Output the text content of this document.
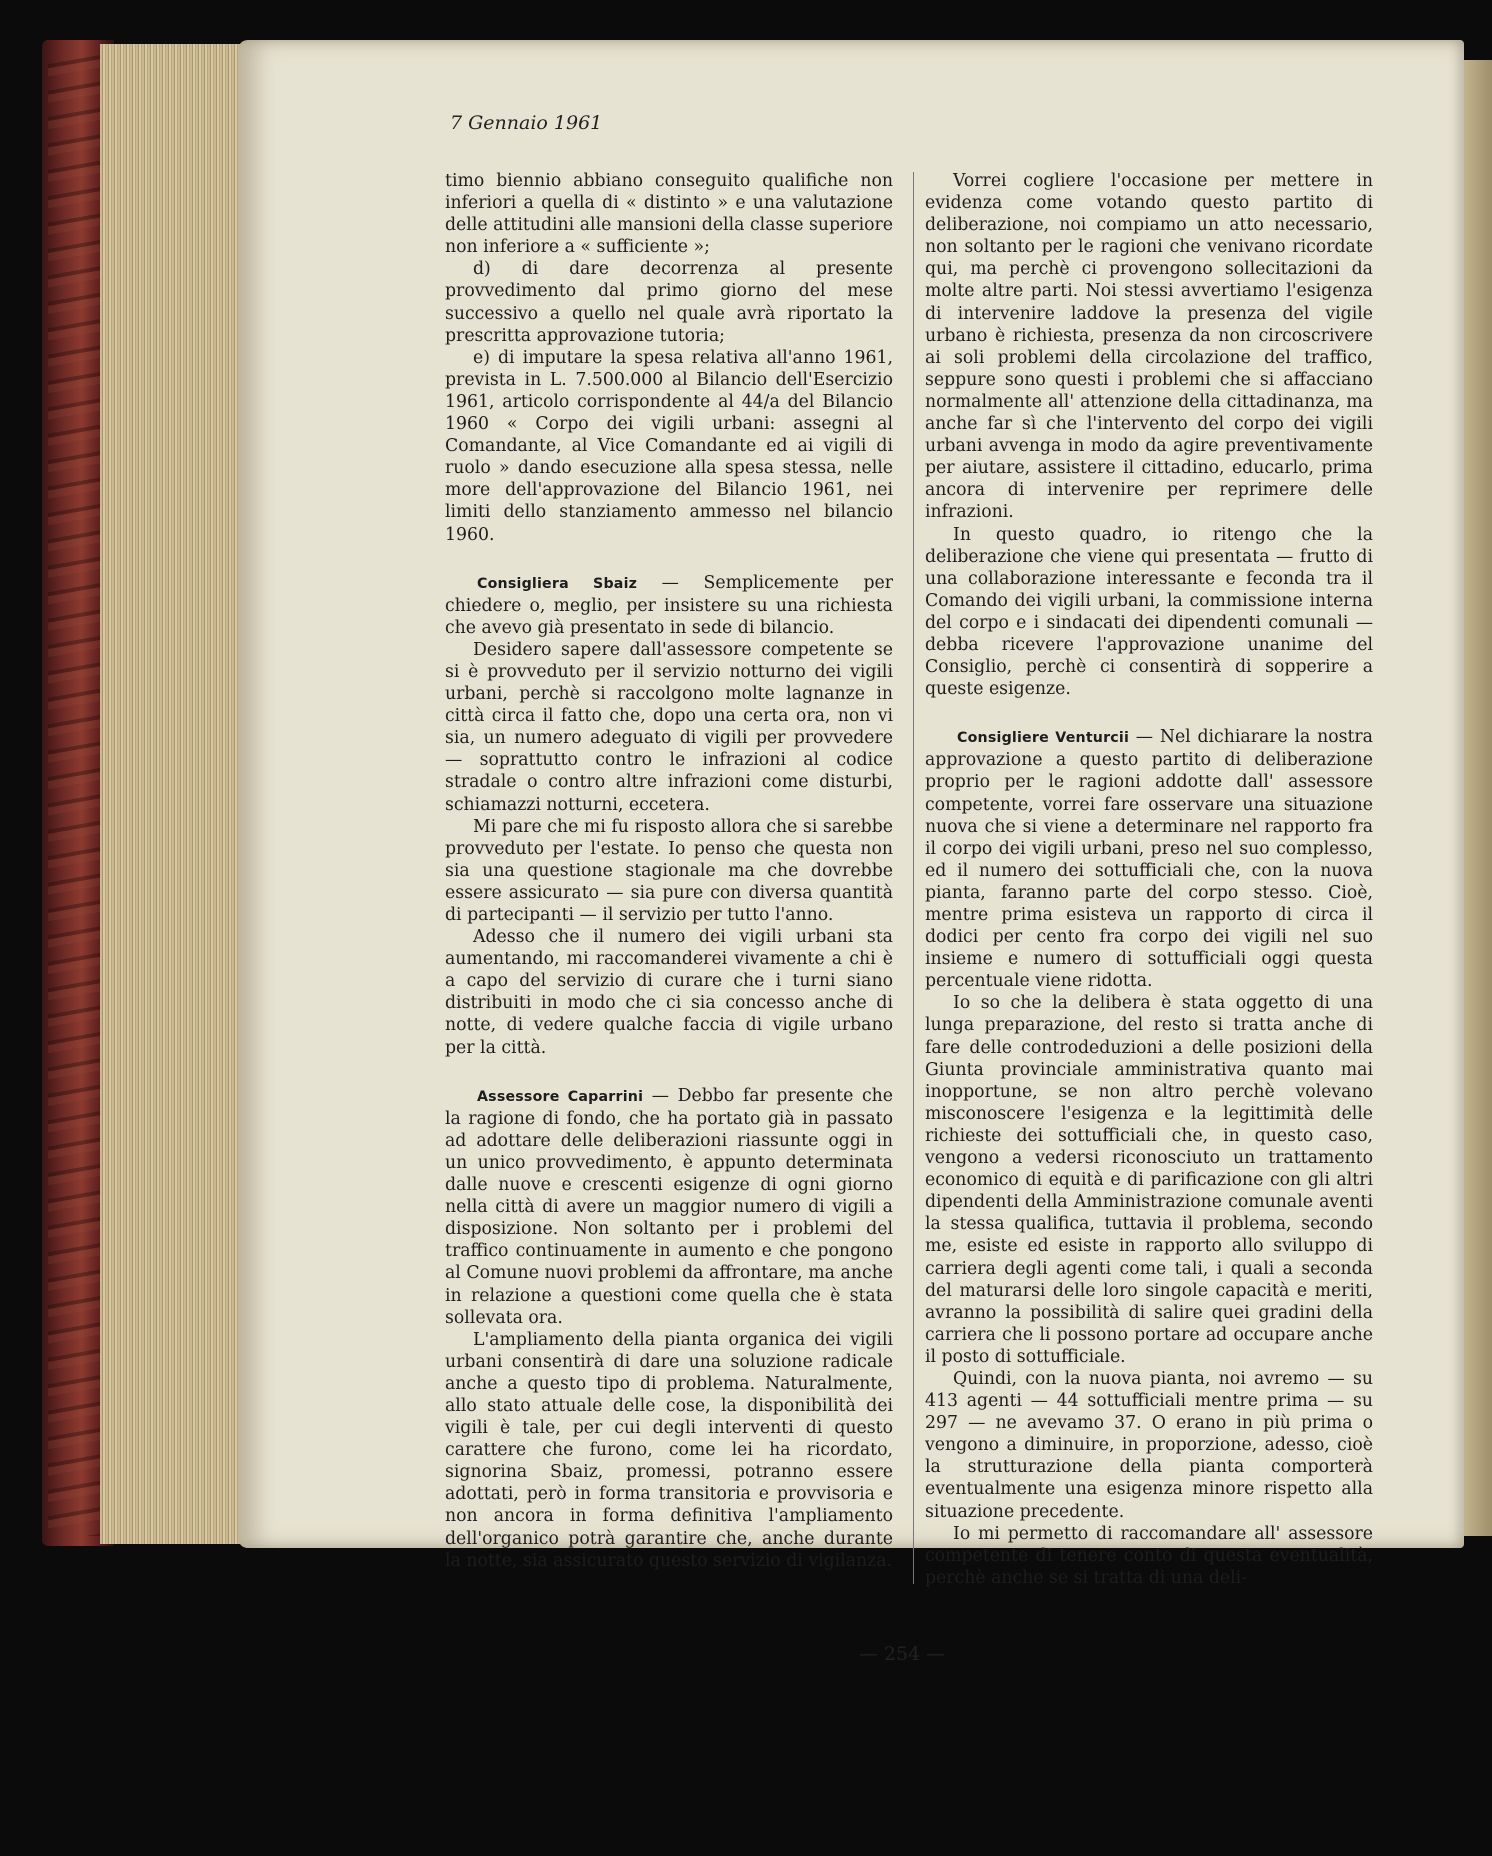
7 Gennaio 1961

timo biennio abbiano conseguito qualifiche non inferiori a quella di « distinto » e una valutazione delle attitudini alle mansioni della classe superiore non inferiore a « sufficiente »;

d) di dare decorrenza al presente provvedimento dal primo giorno del mese successivo a quello nel quale avrà riportato la prescritta approvazione tutoria;

e) di imputare la spesa relativa all'anno 1961, prevista in L. 7.500.000 al Bilancio dell'Esercizio 1961, articolo corrispondente al 44/a del Bilancio 1960 « Corpo dei vigili urbani: assegni al Comandante, al Vice Comandante ed ai vigili di ruolo » dando esecuzione alla spesa stessa, nelle more dell'approvazione del Bilancio 1961, nei limiti dello stanziamento ammesso nel bilancio 1960.

Consigliera Sbaiz — Semplicemente per chiedere o, meglio, per insistere su una richiesta che avevo già presentato in sede di bilancio.

Desidero sapere dall'assessore competente se si è provveduto per il servizio notturno dei vigili urbani, perchè si raccolgono molte lagnanze in città circa il fatto che, dopo una certa ora, non vi sia, un numero adeguato di vigili per provvedere — soprattutto contro le infrazioni al codice stradale o contro altre infrazioni come disturbi, schiamazzi notturni, eccetera.

Mi pare che mi fu risposto allora che si sarebbe provveduto per l'estate. Io penso che questa non sia una questione stagionale ma che dovrebbe essere assicurato — sia pure con diversa quantità di partecipanti — il servizio per tutto l'anno.

Adesso che il numero dei vigili urbani sta aumentando, mi raccomanderei vivamente a chi è a capo del servizio di curare che i turni siano distribuiti in modo che ci sia concesso anche di notte, di vedere qualche faccia di vigile urbano per la città.

Assessore Caparrini — Debbo far presente che la ragione di fondo, che ha portato già in passato ad adottare delle deliberazioni riassunte oggi in un unico provvedimento, è appunto determinata dalle nuove e crescenti esigenze di ogni giorno nella città di avere un maggior numero di vigili a disposizione. Non soltanto per i problemi del traffico continuamente in aumento e che pongono al Comune nuovi problemi da affrontare, ma anche in relazione a questioni come quella che è stata sollevata ora.

L'ampliamento della pianta organica dei vigili urbani consentirà di dare una soluzione radicale anche a questo tipo di problema. Naturalmente, allo stato attuale delle cose, la disponibilità dei vigili è tale, per cui degli interventi di questo carattere che furono, come lei ha ricordato, signorina Sbaiz, promessi, potranno essere adottati, però in forma transitoria e provvisoria e non ancora in forma definitiva l'ampliamento dell'organico potrà garantire che, anche durante la notte, sia assicurato questo servizio di vigilanza.

Vorrei cogliere l'occasione per mettere in evidenza come votando questo partito di deliberazione, noi compiamo un atto necessario, non soltanto per le ragioni che venivano ricordate qui, ma perchè ci provengono sollecitazioni da molte altre parti. Noi stessi avvertiamo l'esigenza di intervenire laddove la presenza del vigile urbano è richiesta, presenza da non circoscrivere ai soli problemi della circolazione del traffico, seppure sono questi i problemi che si affacciano normalmente all' attenzione della cittadinanza, ma anche far sì che l'intervento del corpo dei vigili urbani avvenga in modo da agire preventivamente per aiutare, assistere il cittadino, educarlo, prima ancora di intervenire per reprimere delle infrazioni.

In questo quadro, io ritengo che la deliberazione che viene qui presentata — frutto di una collaborazione interessante e feconda tra il Comando dei vigili urbani, la commissione interna del corpo e i sindacati dei dipendenti comunali — debba ricevere l'approvazione unanime del Consiglio, perchè ci consentirà di sopperire a queste esigenze.

Consigliere Venturcii — Nel dichiarare la nostra approvazione a questo partito di deliberazione proprio per le ragioni addotte dall' assessore competente, vorrei fare osservare una situazione nuova che si viene a determinare nel rapporto fra il corpo dei vigili urbani, preso nel suo complesso, ed il numero dei sottufficiali che, con la nuova pianta, faranno parte del corpo stesso. Cioè, mentre prima esisteva un rapporto di circa il dodici per cento fra corpo dei vigili nel suo insieme e numero di sottufficiali oggi questa percentuale viene ridotta.

Io so che la delibera è stata oggetto di una lunga preparazione, del resto si tratta anche di fare delle controdeduzioni a delle posizioni della Giunta provinciale amministrativa quanto mai inopportune, se non altro perchè volevano misconoscere l'esigenza e la legittimità delle richieste dei sottufficiali che, in questo caso, vengono a vedersi riconosciuto un trattamento economico di equità e di parificazione con gli altri dipendenti della Amministrazione comunale aventi la stessa qualifica, tuttavia il problema, secondo me, esiste ed esiste in rapporto allo sviluppo di carriera degli agenti come tali, i quali a seconda del maturarsi delle loro singole capacità e meriti, avranno la possibilità di salire quei gradini della carriera che li possono portare ad occupare anche il posto di sottufficiale.

Quindi, con la nuova pianta, noi avremo — su 413 agenti — 44 sottufficiali mentre prima — su 297 — ne avevamo 37. O erano in più prima o vengono a diminuire, in proporzione, adesso, cioè la strutturazione della pianta comporterà eventualmente una esigenza minore rispetto alla situazione precedente.

Io mi permetto di raccomandare all' assessore competente di tenere conto di questa eventualità, perchè anche se si tratta di una deli-

— 254 —
